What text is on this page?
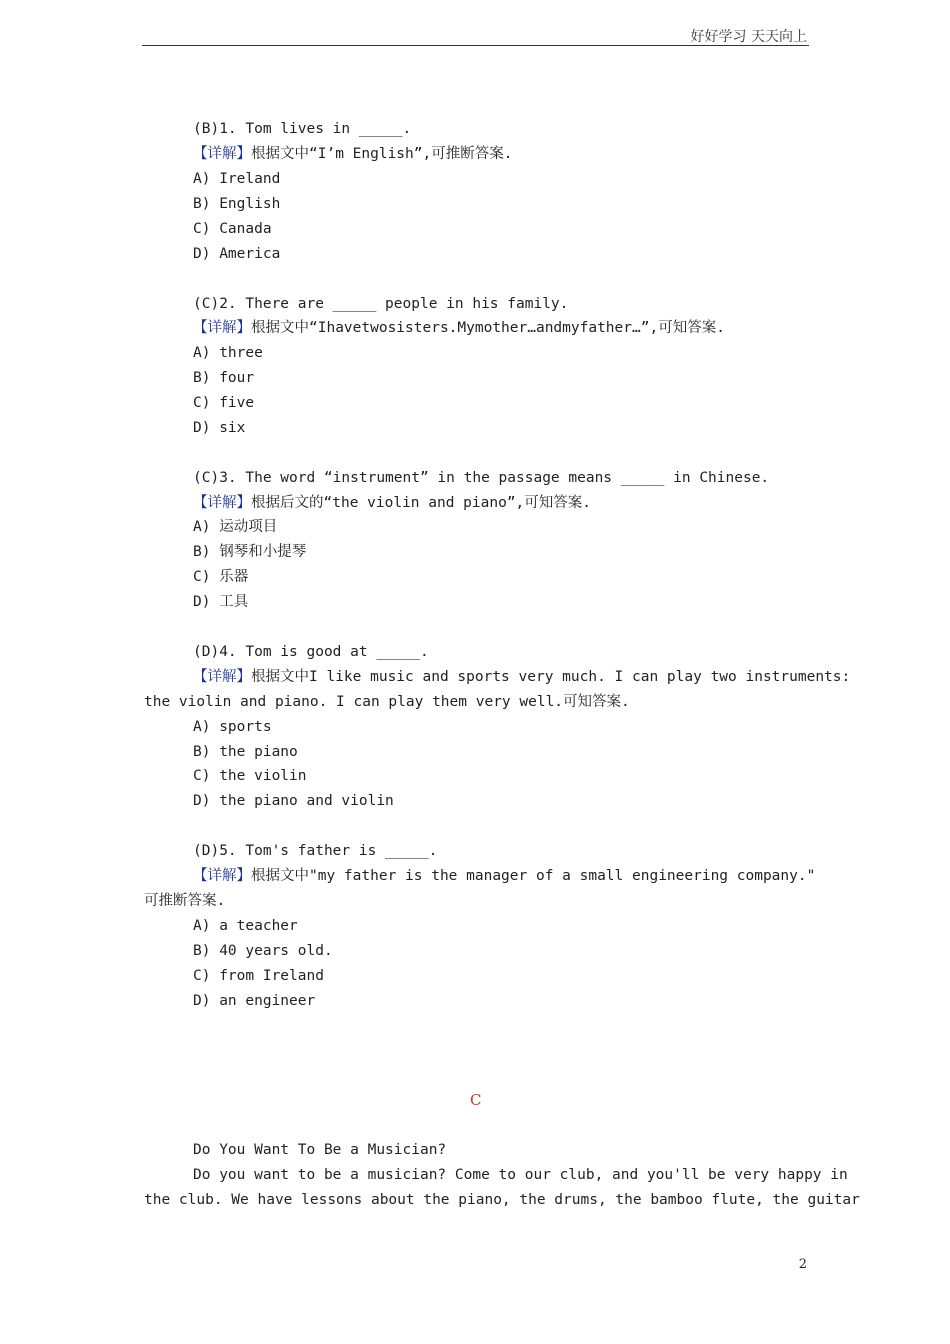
好好学习 天天向上
(B)1. Tom lives in _____.
【详解】根据文中“I’m English”,可推断答案.
A) Ireland
B) English
C) Canada
D) America
(C)2. There are _____ people in his family.
【详解】根据文中“Ihavetwosisters.Mymother…andmyfather…”,可知答案.
A) three
B) four
C) five
D) six
(C)3. The word “instrument” in the passage means _____ in Chinese.
【详解】根据后文的“the violin and piano”,可知答案.
A) 运动项目
B) 钢琴和小提琴
C) 乐器
D) 工具
(D)4. Tom is good at _____.
【详解】根据文中I like music and sports very much. I can play two instruments:
the violin and piano. I can play them very well.可知答案.
A) sports
B) the piano
C) the violin
D) the piano and violin
(D)5. Tom's father is _____.
【详解】根据文中"my father is the manager of a small engineering company."
可推断答案.
A) a teacher
B) 40 years old.
C) from Ireland
D) an engineer
C
Do You Want To Be a Musician?
Do you want to be a musician? Come to our club, and you'll be very happy in
the club. We have lessons about the piano, the drums, the bamboo flute, the guitar
2
